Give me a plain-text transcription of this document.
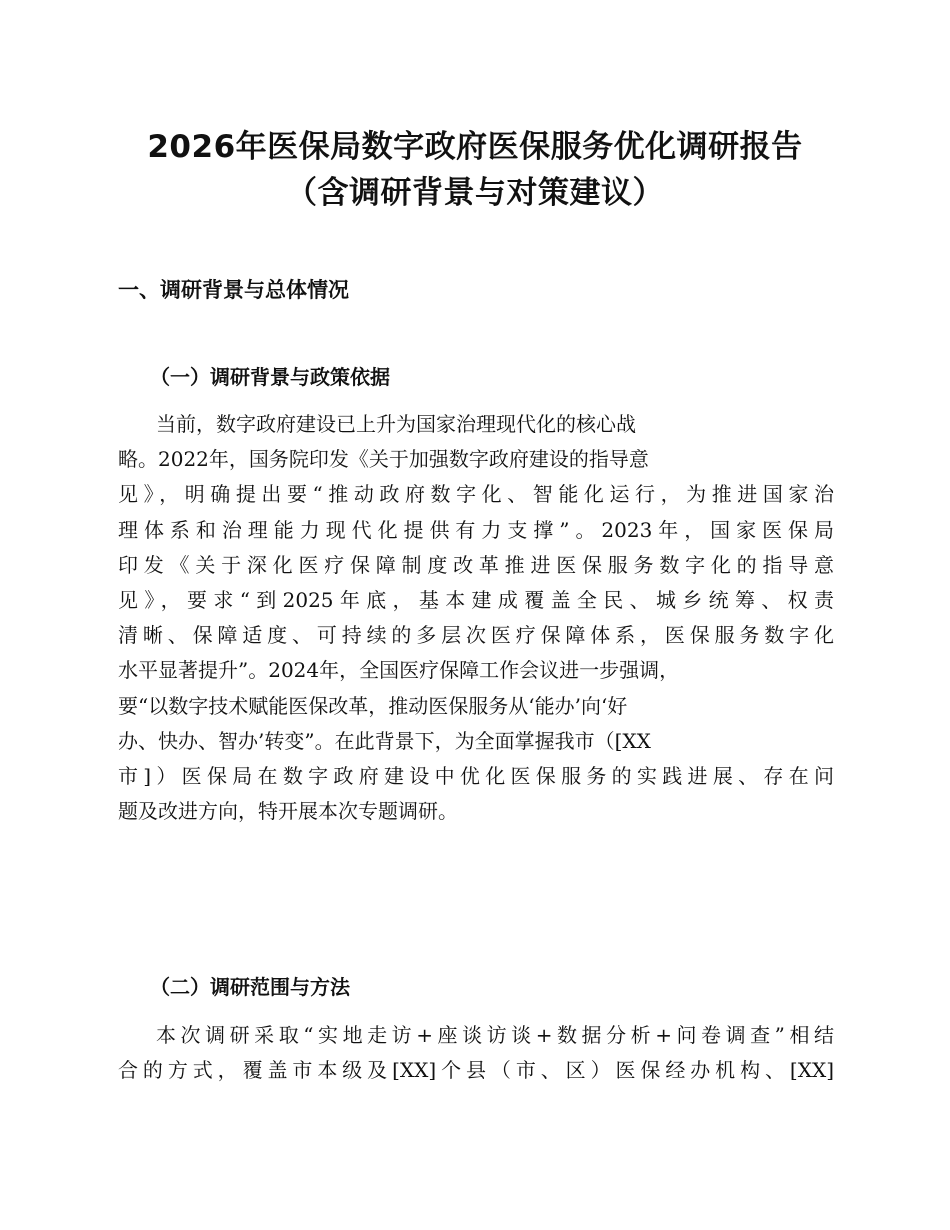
2026年医保局数字政府医保服务优化调研报告
（含调研背景与对策建议）
一、调研背景与总体情况
（一）调研背景与政策依据
当前，数字政府建设已上升为国家治理现代化的核心战
略。2022年，国务院印发《关于加强数字政府建设的指导意
见》，明确提出要“推动政府数字化、智能化运行，为推进国家治
理体系和治理能力现代化提供有力支撑”。2023年，国家医保局
印发《关于深化医疗保障制度改革推进医保服务数字化的指导意
见》，要求“到2025年底，基本建成覆盖全民、城乡统筹、权责
清晰、保障适度、可持续的多层次医疗保障体系，医保服务数字化
水平显著提升”。2024年，全国医疗保障工作会议进一步强调，
要“以数字技术赋能医保改革，推动医保服务从‘能办’向‘好
办、快办、智办’转变”。在此背景下，为全面掌握我市（[XX
市]）医保局在数字政府建设中优化医保服务的实践进展、存在问
题及改进方向，特开展本次专题调研。
（二）调研范围与方法
本次调研采取“实地走访+座谈访谈+数据分析+问卷调查”相结
合的方式，覆盖市本级及[XX]个县（市、区）医保经办机构、[XX]
